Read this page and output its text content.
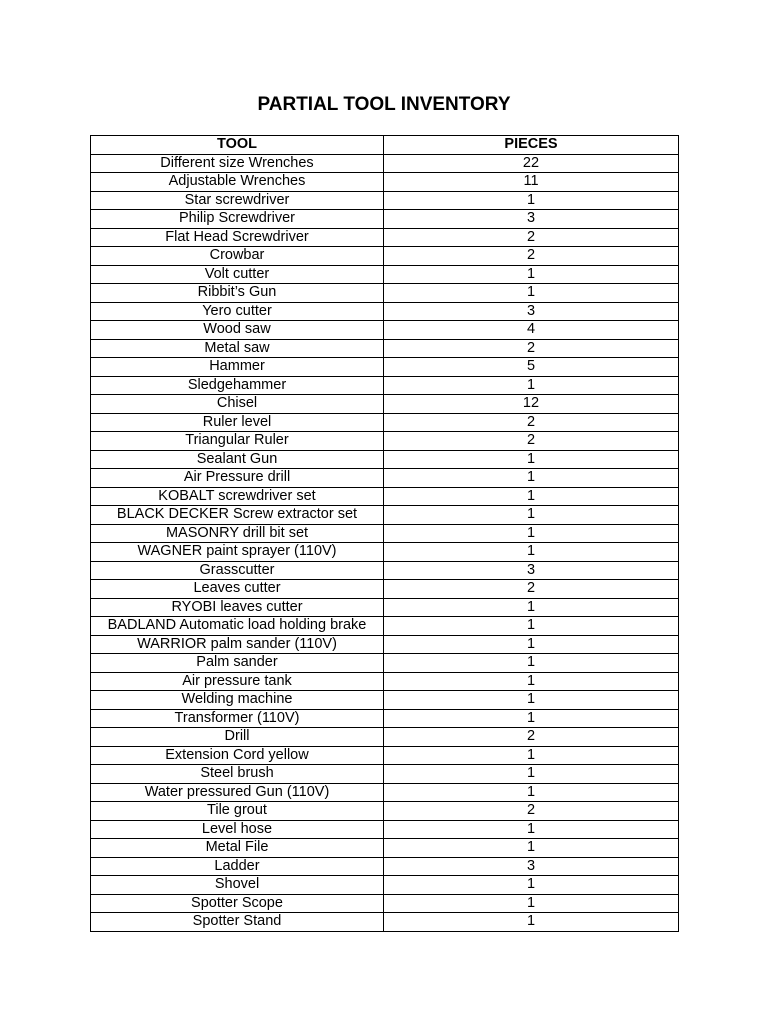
PARTIAL TOOL INVENTORY
TOOL	PIECES
Different size Wrenches	22
Adjustable Wrenches	11
Star screwdriver	1
Philip Screwdriver	3
Flat Head Screwdriver	2
Crowbar	2
Volt cutter	1
Ribbit’s Gun	1
Yero cutter	3
Wood saw	4
Metal saw	2
Hammer	5
Sledgehammer	1
Chisel	12
Ruler level	2
Triangular Ruler	2
Sealant Gun	1
Air Pressure drill	1
KOBALT screwdriver set	1
BLACK DECKER Screw extractor set	1
MASONRY drill bit set	1
WAGNER paint sprayer (110V)	1
Grasscutter	3
Leaves cutter	2
RYOBI leaves cutter	1
BADLAND Automatic load holding brake	1
WARRIOR palm sander (110V)	1
Palm sander	1
Air pressure tank	1
Welding machine	1
Transformer (110V)	1
Drill	2
Extension Cord yellow	1
Steel brush	1
Water pressured Gun (110V)	1
Tile grout	2
Level hose	1
Metal File	1
Ladder	3
Shovel	1
Spotter Scope	1
Spotter Stand	1
